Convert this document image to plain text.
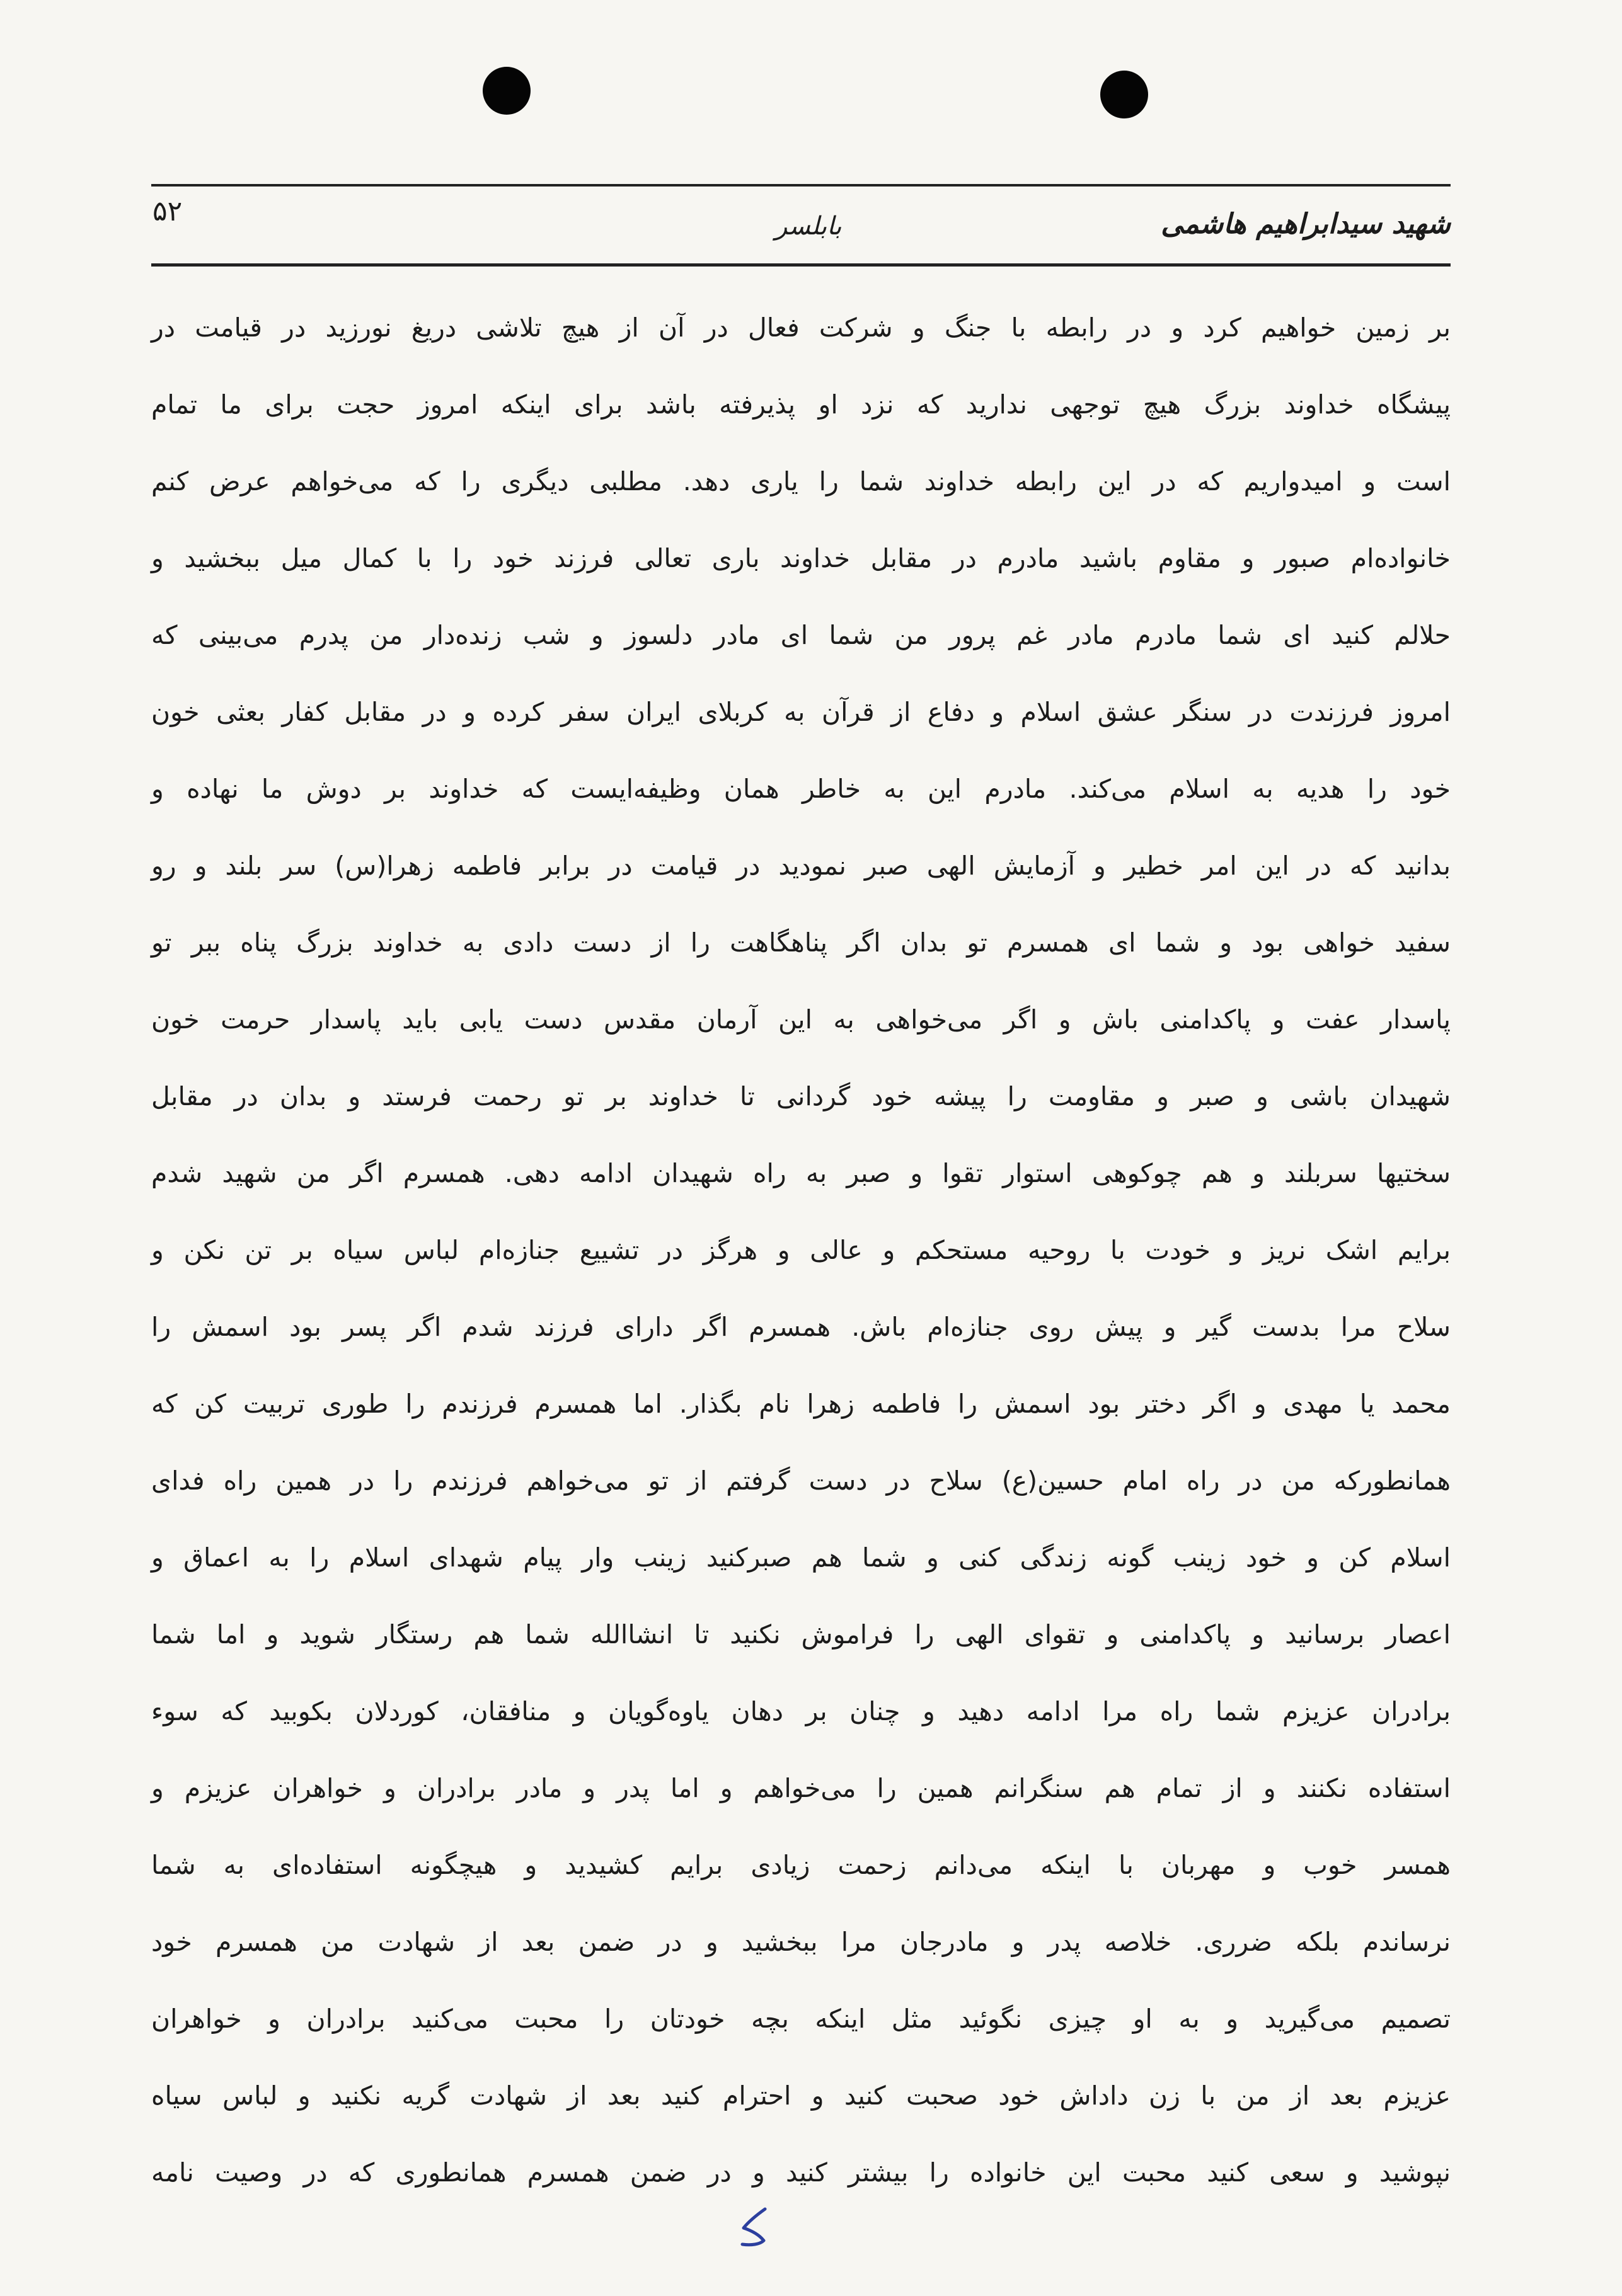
شهید سیدابراهیم هاشمی
بابلسر
۵۲
بر زمین خواهیم کرد و در رابطه با جنگ و شرکت فعال در آن از هیچ تلاشی دریغ نورزید در قیامت در
پیشگاه خداوند بزرگ هیچ توجهی ندارید که نزد او پذیرفته باشد برای اینکه امروز حجت برای ما تمام
است و امیدواریم که در این رابطه خداوند شما را یاری دهد. مطلبی دیگری را که می‌خواهم عرض کنم
خانواده‌ام صبور و مقاوم باشید مادرم در مقابل خداوند باری تعالی فرزند خود را با کمال میل ببخشید و
حلالم کنید ای شما مادرم مادر غم پرور من شما ای مادر دلسوز و شب زنده‌دار من پدرم می‌بینی که
امروز فرزندت در سنگر عشق اسلام و دفاع از قرآن به کربلای ایران سفر کرده و در مقابل کفار بعثی خون
خود را هدیه به اسلام می‌کند. مادرم این به خاطر همان وظیفه‌ایست که خداوند بر دوش ما نهاده و
بدانید که در این امر خطیر و آزمایش الهی صبر نمودید در قیامت در برابر فاطمه زهرا(س) سر بلند و رو
سفید خواهی بود و شما ای همسرم تو بدان اگر پناهگاهت را از دست دادی به خداوند بزرگ پناه ببر تو
پاسدار عفت و پاکدامنی باش و اگر می‌خواهی به این آرمان مقدس دست یابی باید پاسدار حرمت خون
شهیدان باشی و صبر و مقاومت را پیشه خود گردانی تا خداوند بر تو رحمت فرستد و بدان در مقابل
سختیها سربلند و هم چوکوهی استوار تقوا و صبر به راه شهیدان ادامه دهی. همسرم اگر من شهید شدم
برایم اشک نریز و خودت با روحیه مستحکم و عالی و هرگز در تشییع جنازه‌ام لباس سیاه بر تن نکن و
سلاح مرا بدست گیر و پیش روی جنازه‌ام باش. همسرم اگر دارای فرزند شدم اگر پسر بود اسمش را
محمد یا مهدی و اگر دختر بود اسمش را فاطمه زهرا نام بگذار. اما همسرم فرزندم را طوری تربیت کن که
همانطورکه من در راه امام حسین(ع) سلاح در دست گرفتم از تو می‌خواهم فرزندم را در همین راه فدای
اسلام کن و خود زینب گونه زندگی کنی و شما هم صبرکنید زینب وار پیام شهدای اسلام را به اعماق و
اعصار برسانید و پاکدامنی و تقوای الهی را فراموش نکنید تا انشاالله شما هم رستگار شوید و اما شما
برادران عزیزم شما راه مرا ادامه دهید و چنان بر دهان یاوه‌گویان و منافقان، کوردلان بکوبید که سوء
استفاده نکنند و از تمام هم سنگرانم همین را می‌خواهم و اما پدر و مادر برادران و خواهران عزیزم و
همسر خوب و مهربان با اینکه می‌دانم زحمت زیادی برایم کشیدید و هیچگونه استفاده‌ای به شما
نرساندم بلکه ضرری. خلاصه پدر و مادرجان مرا ببخشید و در ضمن بعد از شهادت من همسرم خود
تصمیم می‌گیرید و به او چیزی نگوئید مثل اینکه بچه خودتان را محبت می‌کنید برادران و خواهران
عزیزم بعد از من با زن داداش خود صحبت کنید و احترام کنید بعد از شهادت گریه نکنید و لباس سیاه
نپوشید و سعی کنید محبت این خانواده را بیشتر کنید و در ضمن همسرم همانطوری که در وصیت نامه
